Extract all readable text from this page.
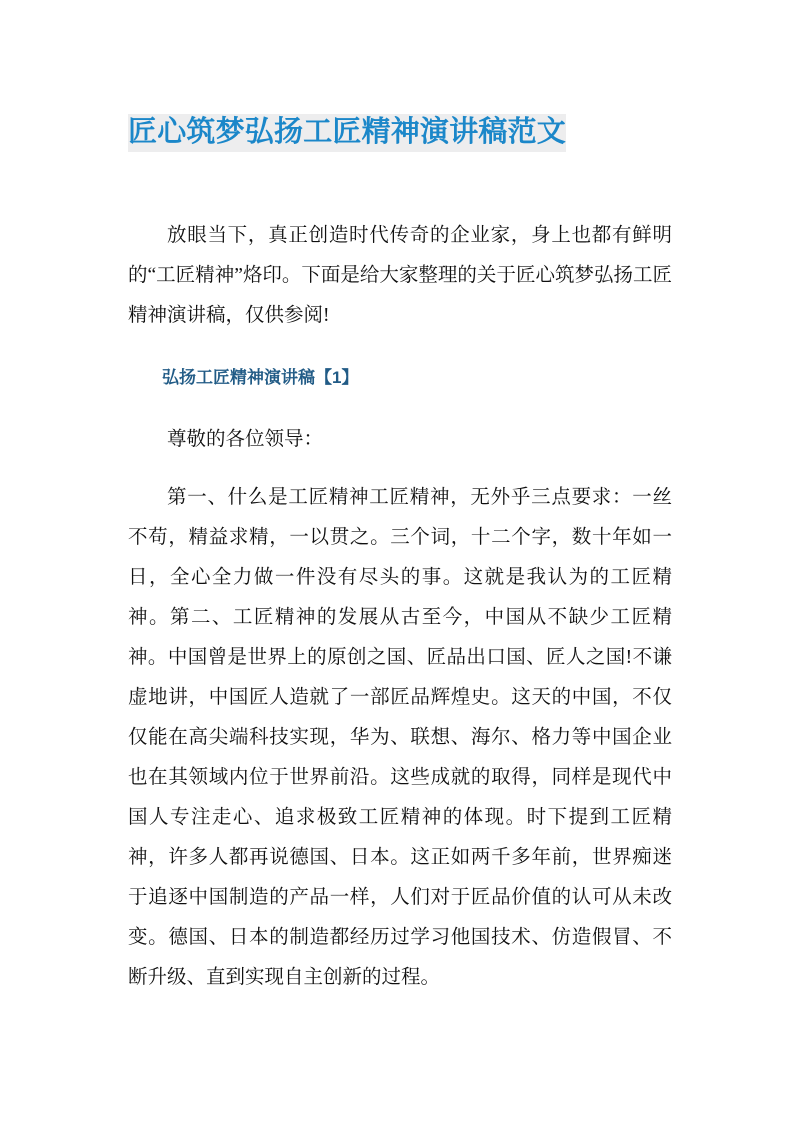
匠心筑梦弘扬工匠精神演讲稿范文

放眼当下，真正创造时代传奇的企业家，身上也都有鲜明的“工匠精神”烙印。下面是给大家整理的关于匠心筑梦弘扬工匠精神演讲稿，仅供参阅!

弘扬工匠精神演讲稿【1】

尊敬的各位领导：

第一、什么是工匠精神工匠精神，无外乎三点要求：一丝不苟，精益求精，一以贯之。三个词，十二个字，数十年如一日，全心全力做一件没有尽头的事。这就是我认为的工匠精神。第二、工匠精神的发展从古至今，中国从不缺少工匠精神。中国曾是世界上的原创之国、匠品出口国、匠人之国!不谦虚地讲，中国匠人造就了一部匠品辉煌史。这天的中国，不仅仅能在高尖端科技实现，华为、联想、海尔、格力等中国企业也在其领域内位于世界前沿。这些成就的取得，同样是现代中国人专注走心、追求极致工匠精神的体现。时下提到工匠精神，许多人都再说德国、日本。这正如两千多年前，世界痴迷于追逐中国制造的产品一样，人们对于匠品价值的认可从未改变。德国、日本的制造都经历过学习他国技术、仿造假冒、不断升级、直到实现自主创新的过程。
